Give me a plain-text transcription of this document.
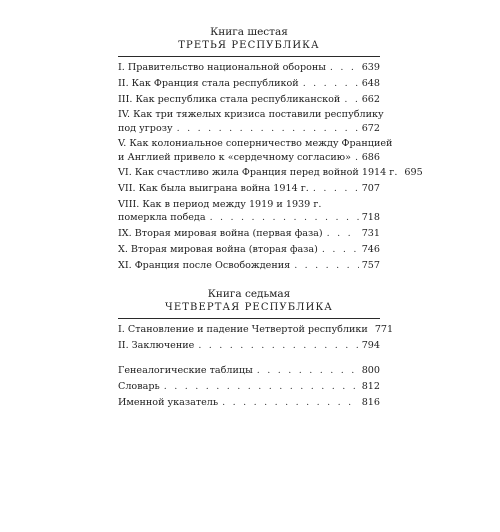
Книга шестая
ТРЕТЬЯ РЕСПУБЛИКА
I. Правительство национальной обороны . . .	639
II. Как Франция стала республикой . . .	648
III. Как республика стала республиканской . . . 662
IV. Как три тяжелых кризиса поставили республику
под угрозу . . .	672
V. Как колониальное соперничество между Францией
и Англией привело к «сердечному согласию» . . . 686
VI. Как счастливо жила Франция перед войной 1914 г. 695
VII. Как была выиграна война 1914 г. . . .	707
VIII. Как в период между 1919 и 1939 г.
померкла победа . . .	718
IX. Вторая мировая война (первая фаза) . . .	731
X. Вторая мировая война (вторая фаза) . . .	746
XI. Франция после Освобождения . . .	757
Книга седьмая
ЧЕТВЕРТАЯ РЕСПУБЛИКА
I. Становление и падение Четвертой республики 771
II. Заключение . . .	794
Генеалогические таблицы . . .	800
Словарь . . .	812
Именной указатель . . .	816
